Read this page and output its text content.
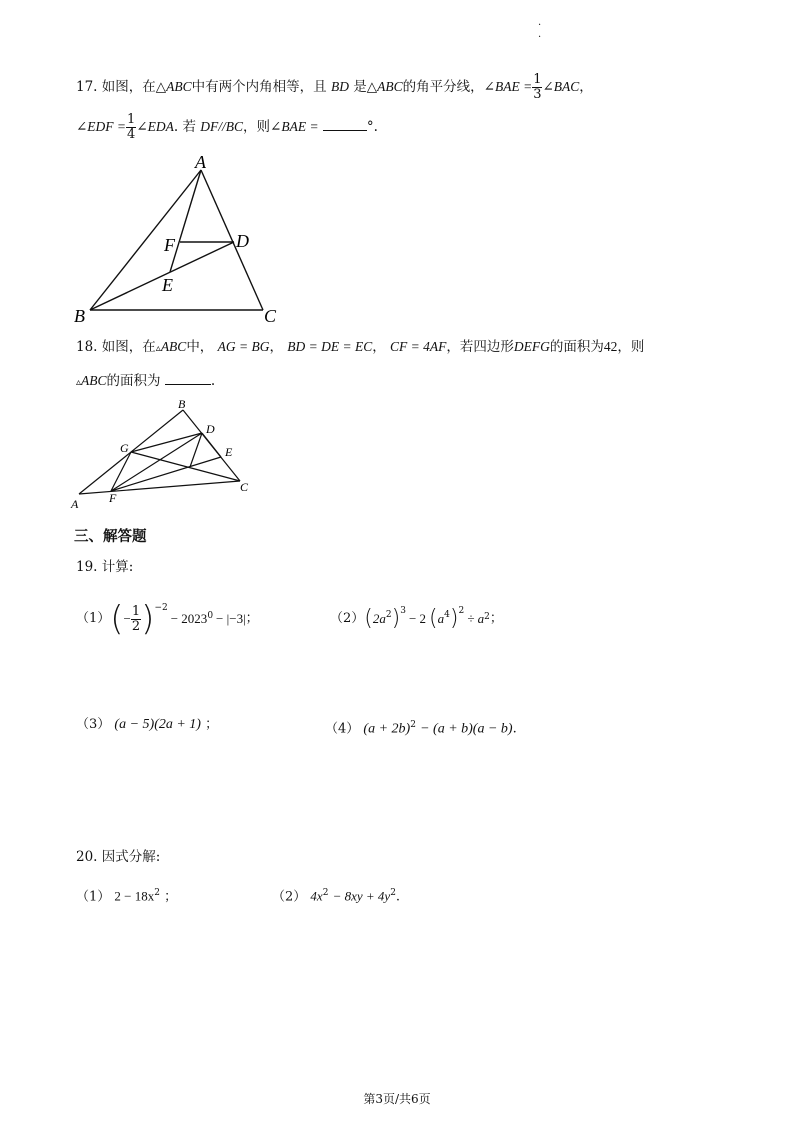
.
.
17. 如图，在△ABC中有两个内角相等，且 BD 是△ABC的角平分线，∠BAE = $\frac{1}{3}$ ∠BAC，
∠EDF = $\frac{1}{4}$ ∠EDA. 若 DF//BC，则∠BAE =	°.
A
B	C
D
E
F
18. 如图，在▵ABC中， AG = BG， BD = DE = EC， CF = 4AF，若四边形DEFG的面积为42，则
▵ABC的面积为	.
A
B
C
D
E
F
G
三、解答题
19. 计算:
（1） ( − $\frac{1}{2} )^{-2}$
− $2023^0 - |-3|$ ；	（2） ( $2a^2$ )$^3$ − 2 ( $a^4$ )$^2$ ÷ a 2 ；
（3） (a − 5)(2a + 1) ；	（4） $(a + 2b)^2 - (a + b)(a - b)$.
20. 因式分解:
（1） $2 - 18x^2$ ；	（2） $4x^2 - 8xy + 4y^2$.
第3页/共6页
